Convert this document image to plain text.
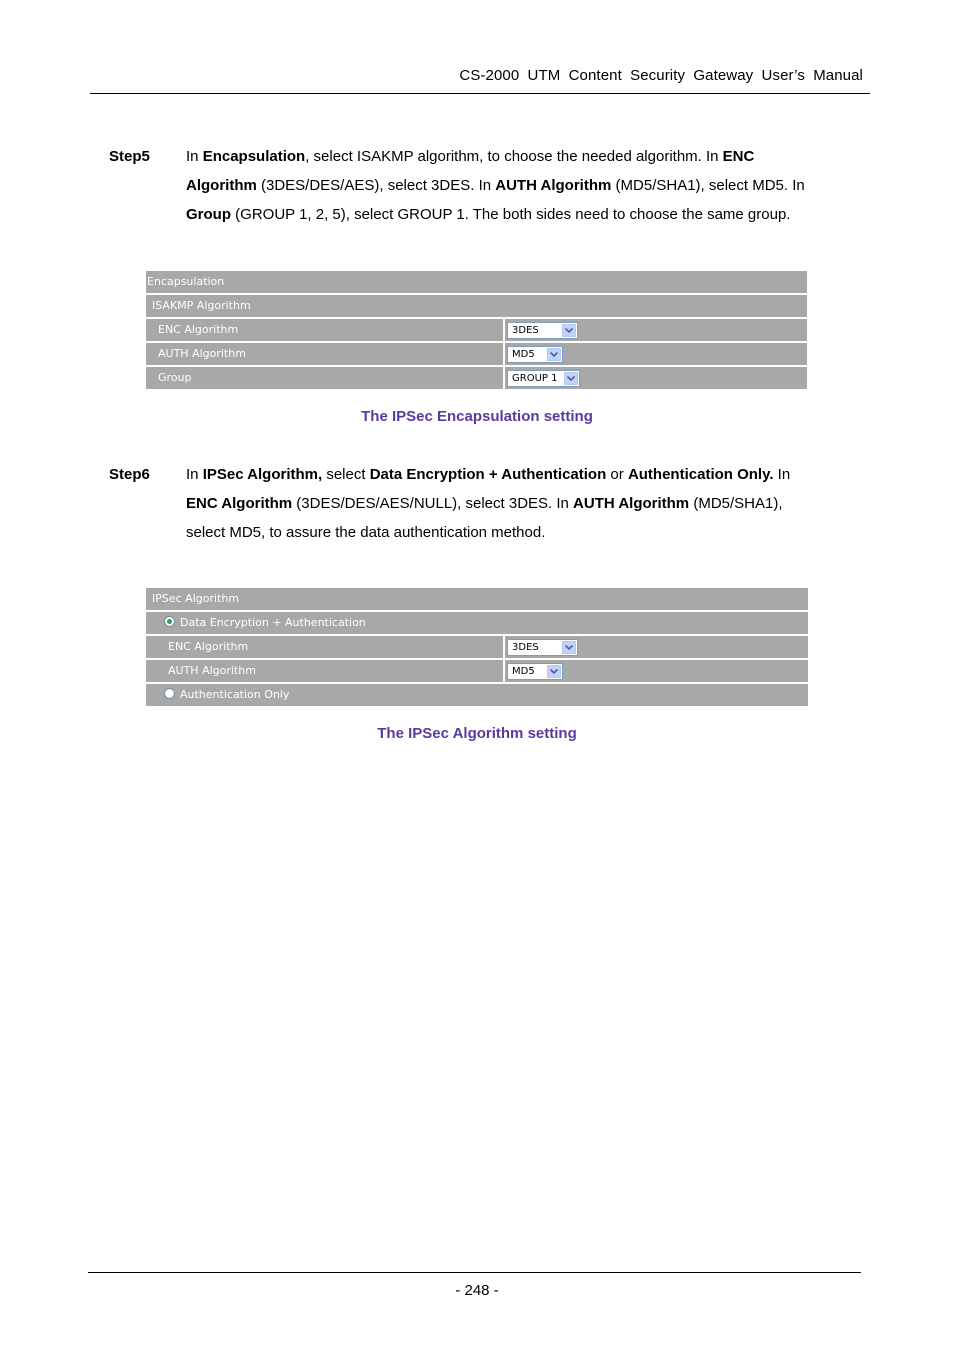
CS-2000 UTM Content Security Gateway User’s Manual
Step5 In Encapsulation, select ISAKMP algorithm, to choose the needed algorithm. In ENC
Algorithm (3DES/DES/AES), select 3DES. In AUTH Algorithm (MD5/SHA1), select MD5. In
Group (GROUP 1, 2, 5), select GROUP 1. The both sides need to choose the same group.
Encapsulation
ISAKMP Algorithm
ENC Algorithm	3DES
AUTH Algorithm	MD5
Group	GROUP 1
The IPSec Encapsulation setting
Step6 In IPSec Algorithm, select Data Encryption + Authentication or Authentication Only. In
ENC Algorithm (3DES/DES/AES/NULL), select 3DES. In AUTH Algorithm (MD5/SHA1),
select MD5, to assure the data authentication method.
IPSec Algorithm
Data Encryption + Authentication
ENC Algorithm	3DES
AUTH Algorithm	MD5
Authentication Only
The IPSec Algorithm setting
- 248 -
